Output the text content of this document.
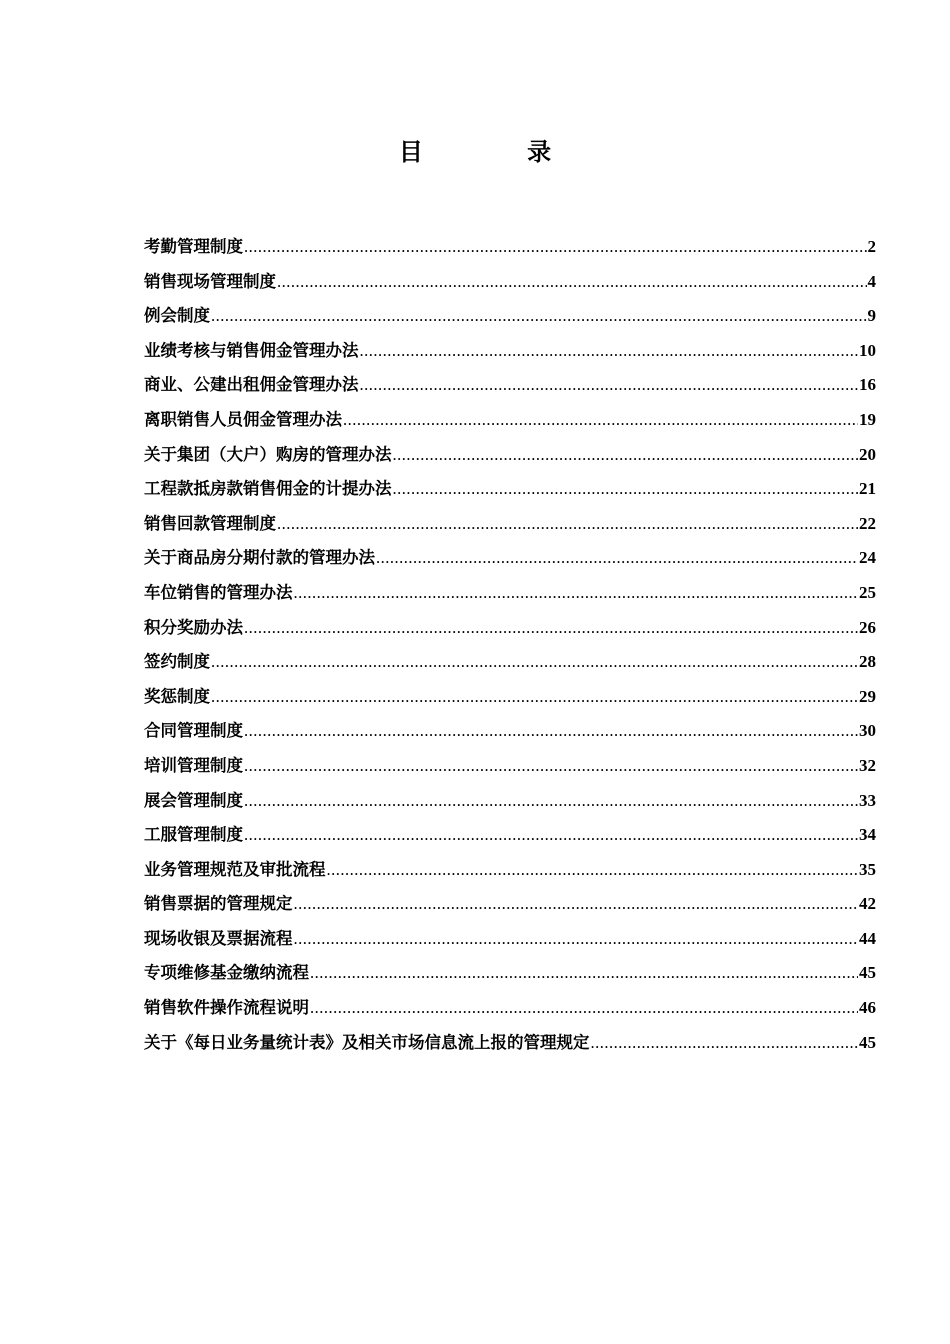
目 录
考勤管理制度 .....	2
销售现场管理制度 .....	4
例会制度 .....	9
业绩考核与销售佣金管理办法 .....	10
商业、公建出租佣金管理办法 .....	16
离职销售人员佣金管理办法 .....	19
关于集团（大户）购房的管理办法 .....	20
工程款抵房款销售佣金的计提办法 .....	21
销售回款管理制度 .....	22
关于商品房分期付款的管理办法 .....	24
车位销售的管理办法 .....	25
积分奖励办法 .....	26
签约制度 .....	28
奖惩制度 .....	29
合同管理制度 .....	30
培训管理制度 .....	32
展会管理制度 .....	33
工服管理制度 .....	34
业务管理规范及审批流程 .....	35
销售票据的管理规定 .....	42
现场收银及票据流程 .....	44
专项维修基金缴纳流程 .....	45
销售软件操作流程说明 .....	46
关于《每日业务量统计表》及相关市场信息流上报的管理规定 .....	45
